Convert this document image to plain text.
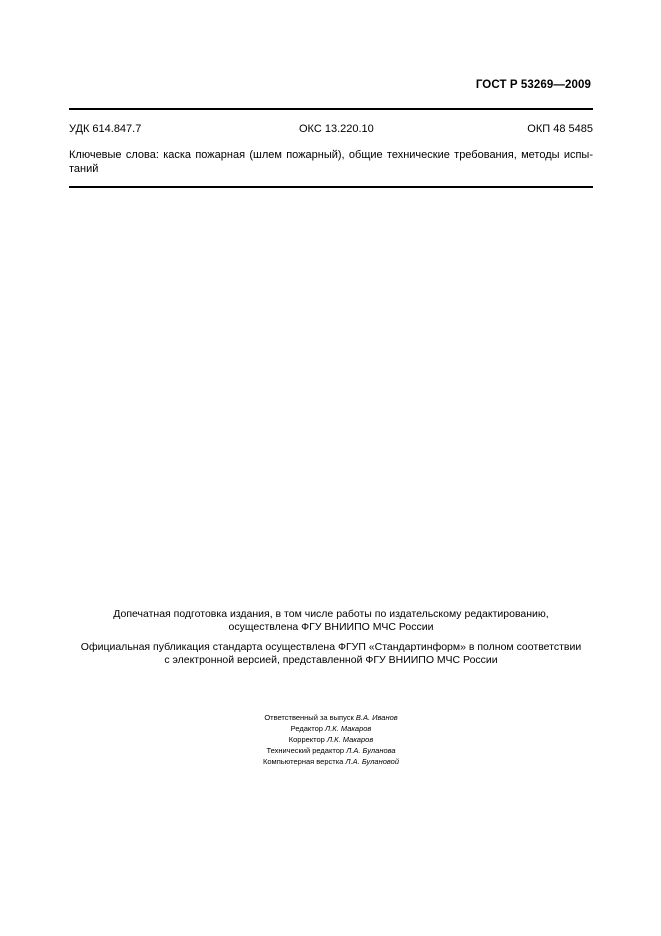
ГОСТ Р 53269—2009
УДК 614.847.7	ОКС 13.220.10	ОКП 48 5485
Ключевые слова: каска пожарная (шлем пожарный), общие технические требования, методы испы-
таний
Допечатная подготовка издания, в том числе работы по издательскому редактированию,
осуществлена ФГУ ВНИИПО МЧС России
Официальная публикация стандарта осуществлена ФГУП «Стандартинформ» в полном соответствии
с электронной версией, представленной ФГУ ВНИИПО МЧС России
Ответственный за выпуск В.А. Иванов
Редактор Л.К. Макаров
Корректор Л.К. Макаров
Технический редактор Л.А. Буланова
Компьютерная верстка Л.А. Булановой
